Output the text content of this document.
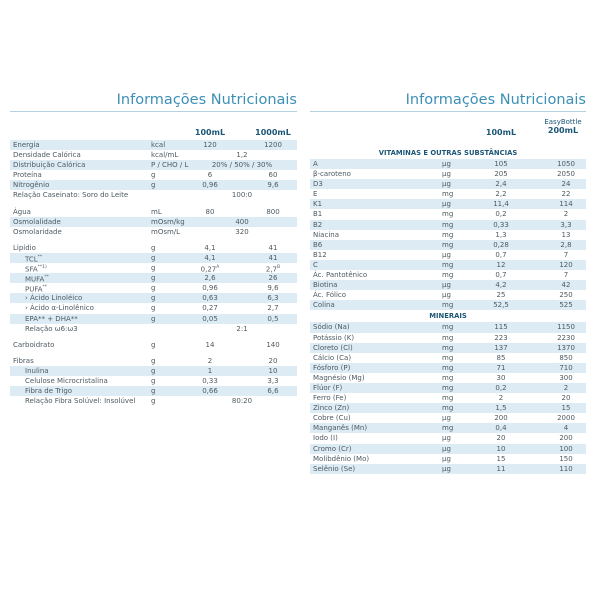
Informações Nutricionais
100mL	1000mL
Energia	kcal	120	1200
Densidade Calórica	kcal/mL	1,2
Distribuição Calórica	P / CHO / L	20% / 50% / 30%
Proteína	g	6	60
Nitrogênio	g	0,96	9,6
Relação Caseinato: Soro do Leite	100:0
Água	mL	80	800
Osmolalidade	mOsm/kg	400
Osmolaridade	mOsm/L	320
Lipídio	g	4,1	41
TCL**	g	4,1	41
SFA$^{**1)}$	g	$0,27^A$	$2,7^B$
MUFA**	g	2,6	26
PUFA**	g	0,96	9,6
› Ácido Linoléico	g	0,63	6,3
› Ácido α-Linolênico	g	0,27	2,7
EPA** + DHA**	g	0,05	0,5
Relação ω6:ω3	2:1
Carboidrato	g	14	140
Fibras	g	2	20
Inulina	g	1	10
Celulose Microcristalina	g	0,33	3,3
Fibra de Trigo	g	0,66	6,6
Relação Fibra Solúvel: Insolúvel g	80:20
Informações Nutricionais
100mL
EasyBottle
200mL
VITAMINAS E OUTRAS SUBSTÂNCIAS
A	µg	105	1050
β-caroteno	µg	205	2050
D3	µg	2,4	24
E	mg	2,2	22
K1	µg	11,4	114
B1	mg	0,2	2
B2	mg	0,33	3,3
Niacina	mg	1,3	13
B6	mg	0,28	2,8
B12	µg	0,7	7
C	mg	12	120
Ác. Pantotênico	mg	0,7	7
Biotina	µg	4,2	42
Ác. Fólico	µg	25	250
Colina	mg	52,5	525
MINERAIS
Sódio (Na)	mg	115	1150
Potássio (K)	mg	223	2230
Cloreto (Cl)	mg	137	1370
Cálcio (Ca)	mg	85	850
Fósforo (P)	mg	71	710
Magnésio (Mg)	mg	30	300
Flúor (F)	mg	0,2	2
Ferro (Fe)	mg	2	20
Zinco (Zn)	mg	1,5	15
Cobre (Cu)	µg	200	2000
Manganês (Mn)	mg	0,4	4
Iodo (I)	µg	20	200
Cromo (Cr)	µg	10	100
Molibdênio (Mo)	µg	15	150
Selênio (Se)	µg	11	110
